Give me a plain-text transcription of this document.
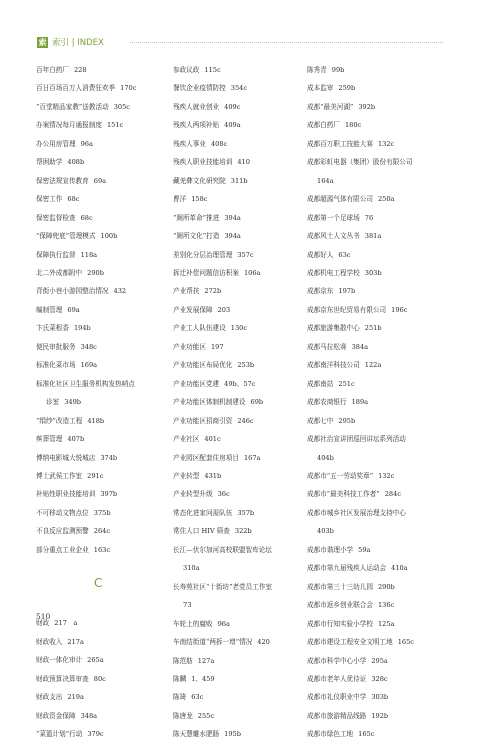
索 索引 | INDEX
百年白药厂 228
百日百场百万人消费狂欢季 170c
“百堂精品家教”送教活动 305c
办案情况每月通报制度 151c
办公用房管理 96a
帮困助学 408b
保密法规宣传教育 69a
保密工作 68c
保密监督检查 68c
“保障兜底”管理模式 100b
保障执行监督 118a
北二外成都附中 290b
背街小巷小游园整治情况 432
编制管理 69a
卞氏菜根香 194b
便民审批服务 348c
标准化菜市场 169a
标准化社区卫生服务机构发热哨点
诊室 349b
“绢纱”改造工程 418b
殡葬管理 407b
博纳电影城大悦城店 374b
博士武侯工作室 291c
补贴性职业技能培训 397b
不可移动文物点位 375b
不良反应监测预警 264c
部分重点工业企业 163c
C
财政 217　a
财政收入 217a
财政一体化审计 265a
财政预算决算审查 80c
财政支出 219a
财政资金保障 348a
“菜篮计划”行动 379c
参政议政 115c
餐饮企业疫情防控 354c
残疾人就业创业 409c
残疾人两项补贴 409a
残疾人事业 408c
残疾人职业技能培训 410
藏羌彝文化研究院 311b
曹洋 158c
“厕所革命”推进 394a
“厕所文化”打造 394a
差别化分层治理管理 357c
拆迁补偿问题信访积案 106a
产业帮扶 272b
产业发展保障 203
产业工人队伍建设 130c
产业功能区 197
产业功能区布局优化 253b
产业功能区党建 49b、57c
产业功能区体制机制建设 69b
产业功能区招商引资 246c
产业社区 401c
产业园区配套住房项目 167a
产业转型 431b
产业转型升级 36c
常态化进家问需队伍 357b
常住人口 HIV 筛查 322b
长江—伏尔加河高校联盟智库论坛
310a
长寿苑社区“十街坊”老党员工作室
73
车轮上的腐败 96a
车南结街道“两拆一增”情况 420
陈范舫 127a
陈麟 1、459
陈琦 63c
陈唐龙 255c
陈天慧雕水肥肠 195b
陈秀青 99b
成本监审 259b
成都“最美河湖” 392b
成都白药厂 180c
成都百万职工技能大赛 132c
成都彩虹电器（集团）股份有限公司
164a
成都超源气体有限公司 250a
成都第一个足球场 76
成都风土人文丛书 381a
成都好人 63c
成都机电工程学校 303b
成都京东 197b
成都京东世纪贸易有限公司 196c
成都旅游集散中心 251b
成都马拉松赛 384a
成都南洋科技公司 122a
成都南站 251c
成都农商银行 189a
成都七中 295b
成都社治宣讲团巡回讲坛系列活动
404b
成都市“五一劳动奖章” 132c
成都市“最美科技工作者” 284c
成都市城乡社区发展治理支持中心
403b
成都市谐理小学 59a
成都市第九届残疾人运动会 410a
成都市第三十三幼儿园 290b
成都市返乡创业联合会 136c
成都市行知实验小学校 125a
成都市建设工程安全文明工地 165c
成都市科学中心小学 295a
成都市老年人优待证 328c
成都市礼仪职业中学 303b
成都市旅游精品线路 192b
成都市绿色工地 165c
510
